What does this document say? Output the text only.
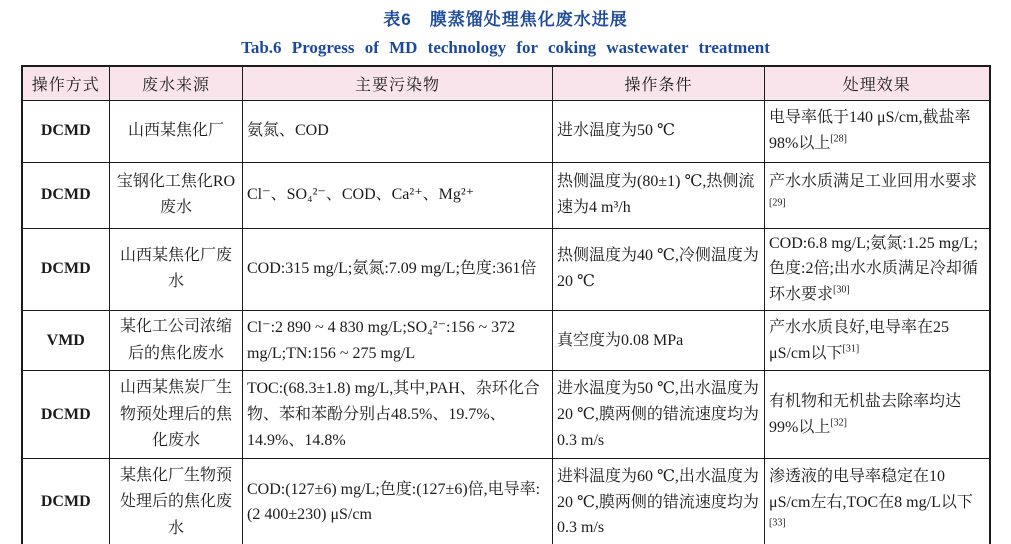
表6　膜蒸馏处理焦化废水进展
Tab.6 Progress of MD technology for coking wastewater treatment
操作方式	废水来源	主要污染物	操作条件	处理效果
DCMD	山西某焦化厂	氨氮、COD	进水温度为50 ℃	电导率低于140 μS/cm,截盐率98%以上[28]
DCMD	宝钢化工焦化RO废水	Cl⁻、SO₄²⁻、COD、Ca²⁺、Mg²⁺	热侧温度为(80±1) ℃,热侧流速为4 m³/h	产水水质满足工业回用水要求[29]
DCMD	山西某焦化厂废水	COD:315 mg/L;氨氮:7.09 mg/L;色度:361倍	热侧温度为40 ℃,冷侧温度为20 ℃	COD:6.8 mg/L;氨氮:1.25 mg/L;色度:2倍;出水水质满足冷却循环水要求[30]
VMD	某化工公司浓缩后的焦化废水	Cl⁻:2 890 ~ 4 830 mg/L;SO₄²⁻:156 ~ 372 mg/L;TN:156 ~ 275 mg/L	真空度为0.08 MPa	产水水质良好,电导率在25 μS/cm以下[31]
DCMD	山西某焦炭厂生物预处理后的焦化废水	TOC:(68.3±1.8) mg/L,其中,PAH、杂环化合物、苯和苯酚分别占48.5%、19.7%、14.9%、14.8%	进水温度为50 ℃,出水温度为20 ℃,膜两侧的错流速度均为0.3 m/s	有机物和无机盐去除率均达99%以上[32]
DCMD	某焦化厂生物预处理后的焦化废水	COD:(127±6) mg/L;色度:(127±6)倍,电导率:(2 400±230) μS/cm	进料温度为60 ℃,出水温度为20 ℃,膜两侧的错流速度均为0.3 m/s	渗透液的电导率稳定在10 μS/cm左右,TOC在8 mg/L以下[33]
